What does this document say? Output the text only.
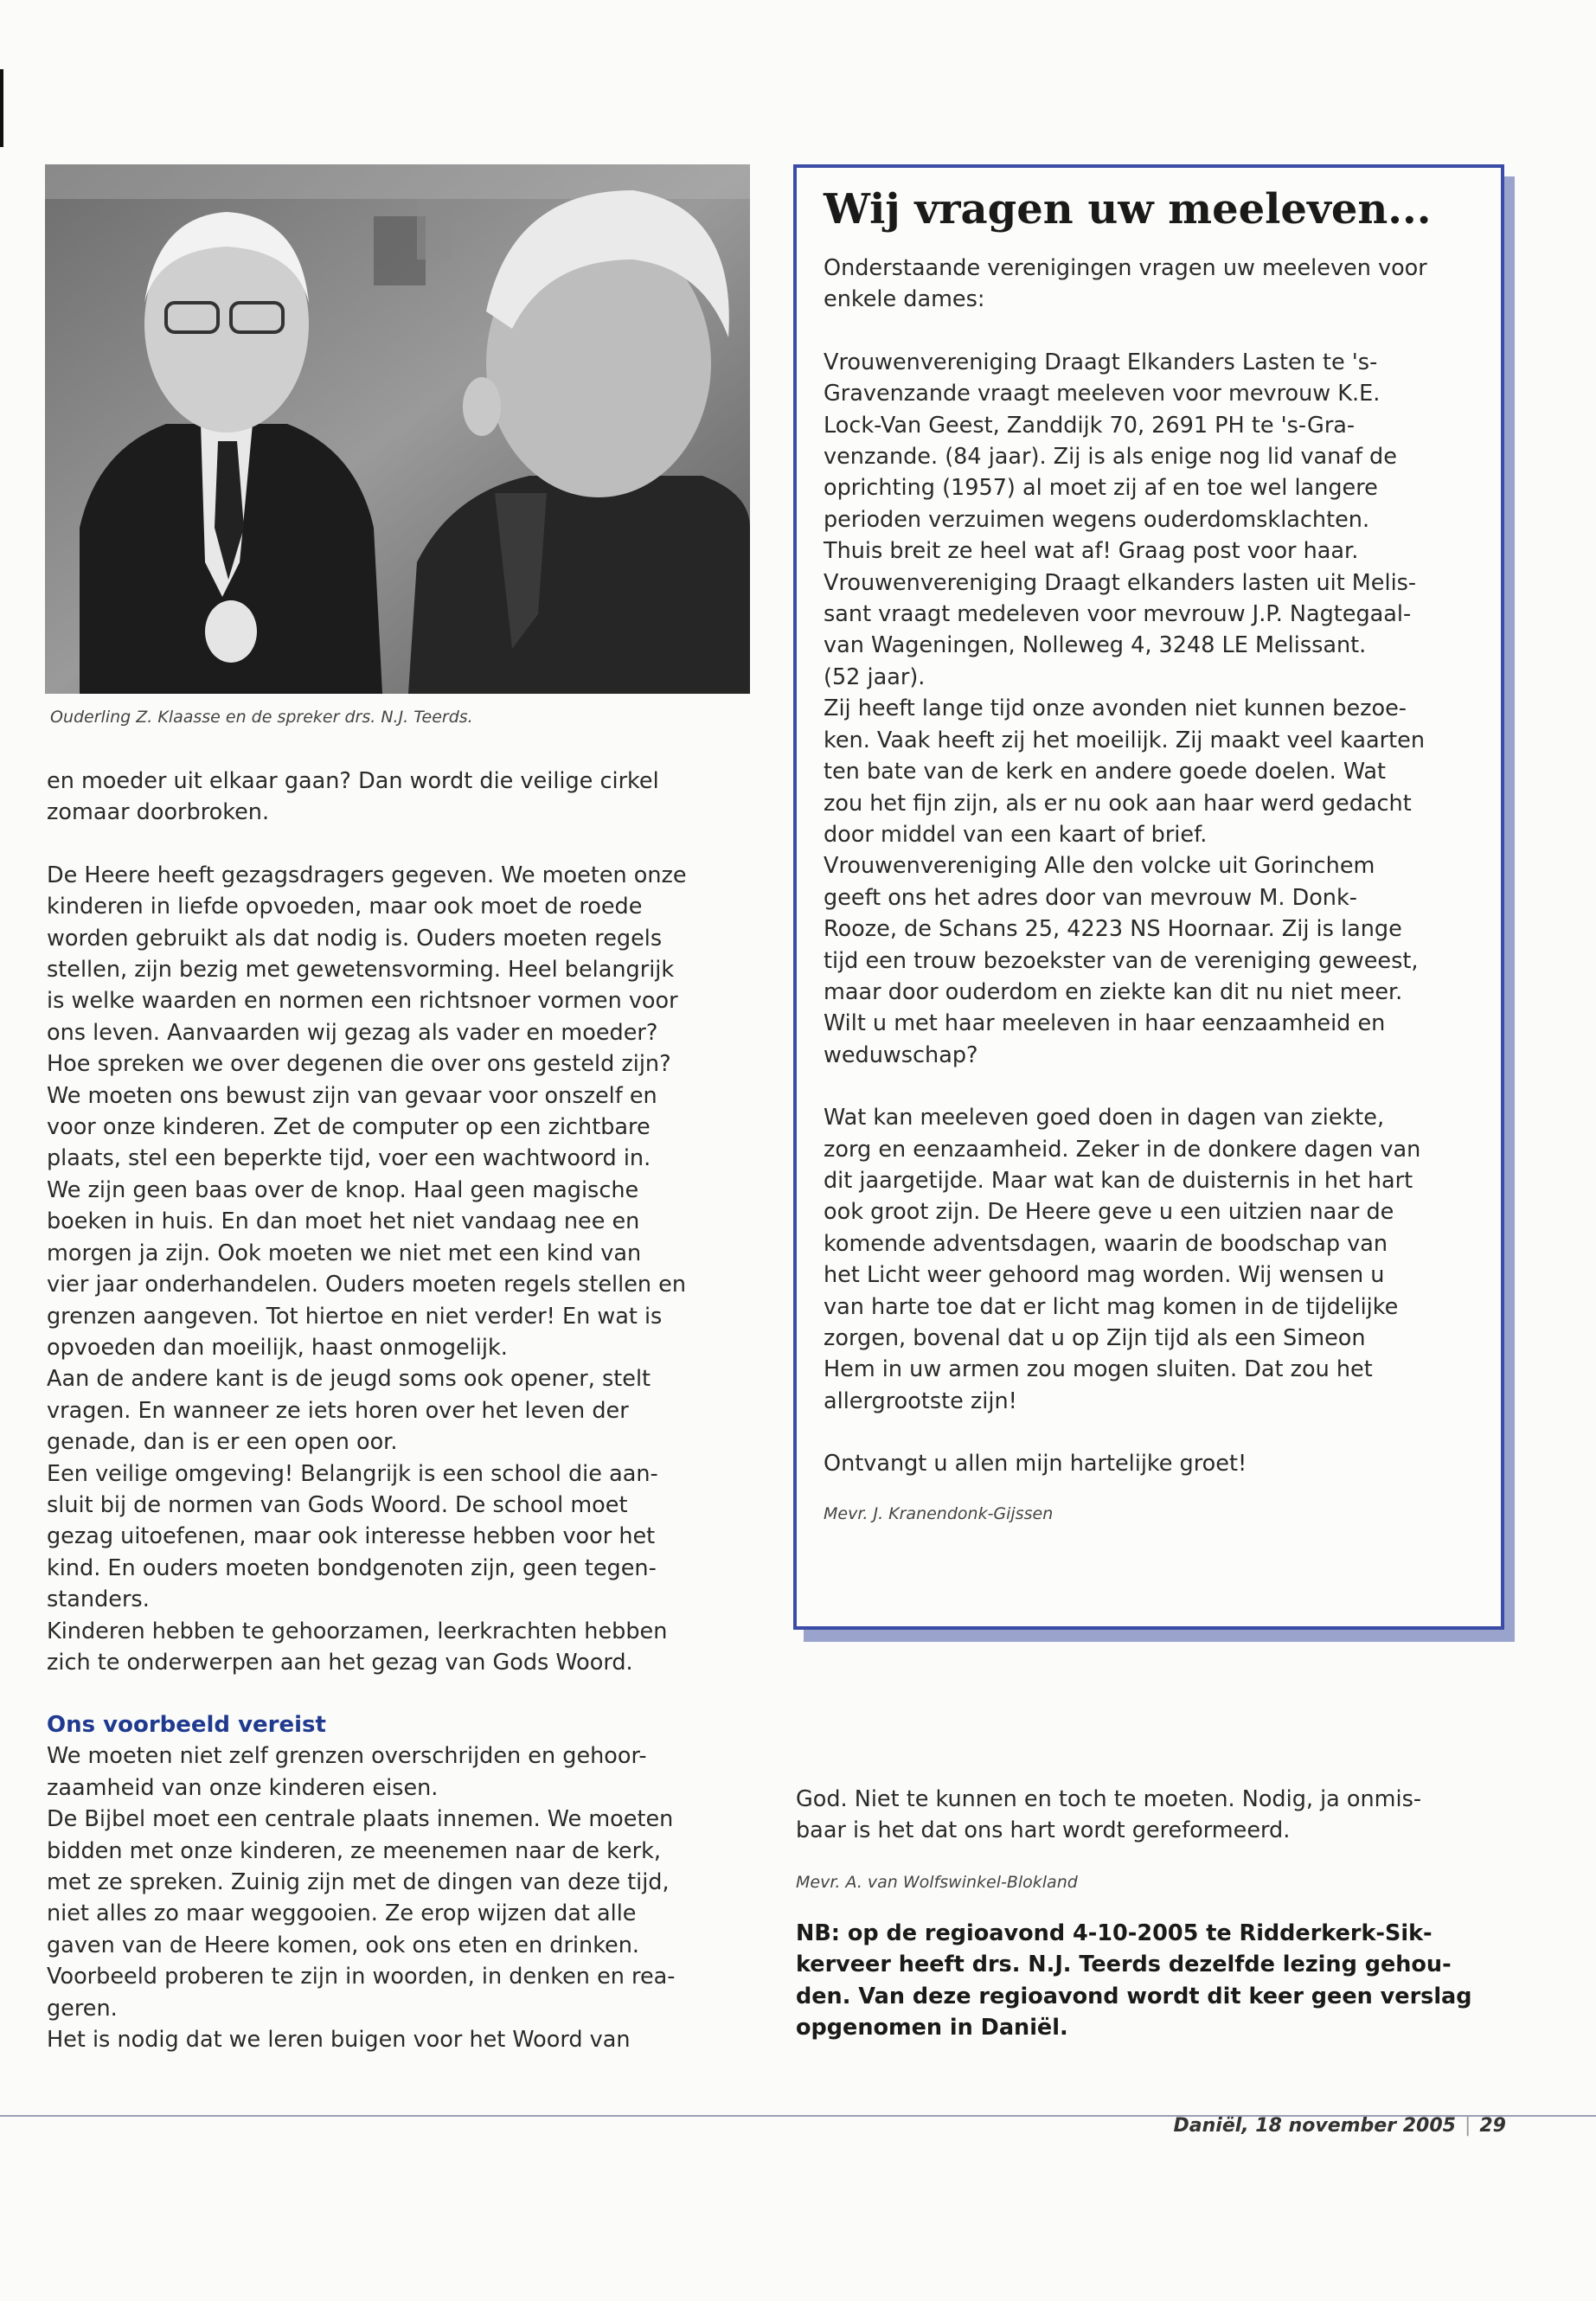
Ouderling Z. Klaasse en de spreker drs. N.J. Teerds.

en moeder uit elkaar gaan? Dan wordt die veilige cirkel
zomaar doorbroken.

De Heere heeft gezagsdragers gegeven. We moeten onze
kinderen in liefde opvoeden, maar ook moet de roede
worden gebruikt als dat nodig is. Ouders moeten regels
stellen, zijn bezig met gewetensvorming. Heel belangrijk
is welke waarden en normen een richtsnoer vormen voor
ons leven. Aanvaarden wij gezag als vader en moeder?
Hoe spreken we over degenen die over ons gesteld zijn?
We moeten ons bewust zijn van gevaar voor onszelf en
voor onze kinderen. Zet de computer op een zichtbare
plaats, stel een beperkte tijd, voer een wachtwoord in.
We zijn geen baas over de knop. Haal geen magische
boeken in huis. En dan moet het niet vandaag nee en
morgen ja zijn. Ook moeten we niet met een kind van
vier jaar onderhandelen. Ouders moeten regels stellen en
grenzen aangeven. Tot hiertoe en niet verder! En wat is
opvoeden dan moeilijk, haast onmogelijk.
Aan de andere kant is de jeugd soms ook opener, stelt
vragen. En wanneer ze iets horen over het leven der
genade, dan is er een open oor.
Een veilige omgeving! Belangrijk is een school die aan-
sluit bij de normen van Gods Woord. De school moet
gezag uitoefenen, maar ook interesse hebben voor het
kind. En ouders moeten bondgenoten zijn, geen tegen-
standers.
Kinderen hebben te gehoorzamen, leerkrachten hebben
zich te onderwerpen aan het gezag van Gods Woord.

Ons voorbeeld vereist

We moeten niet zelf grenzen overschrijden en gehoor-
zaamheid van onze kinderen eisen.
De Bijbel moet een centrale plaats innemen. We moeten
bidden met onze kinderen, ze meenemen naar de kerk,
met ze spreken. Zuinig zijn met de dingen van deze tijd,
niet alles zo maar weggooien. Ze erop wijzen dat alle
gaven van de Heere komen, ook ons eten en drinken.
Voorbeeld proberen te zijn in woorden, in denken en rea-
geren.
Het is nodig dat we leren buigen voor het Woord van

Wij vragen uw meeleven...

Onderstaande verenigingen vragen uw meeleven voor
enkele dames:

Vrouwenvereniging Draagt Elkanders Lasten te 's-
Gravenzande vraagt meeleven voor mevrouw K.E.
Lock-Van Geest, Zanddijk 70, 2691 PH te 's-Gra-
venzande. (84 jaar). Zij is als enige nog lid vanaf de
oprichting (1957) al moet zij af en toe wel langere
perioden verzuimen wegens ouderdomsklachten.
Thuis breit ze heel wat af! Graag post voor haar.
Vrouwenvereniging Draagt elkanders lasten uit Melis-
sant vraagt medeleven voor mevrouw J.P. Nagtegaal-
van Wageningen, Nolleweg 4, 3248 LE Melissant.
(52 jaar).
Zij heeft lange tijd onze avonden niet kunnen bezoe-
ken. Vaak heeft zij het moeilijk. Zij maakt veel kaarten
ten bate van de kerk en andere goede doelen. Wat
zou het fijn zijn, als er nu ook aan haar werd gedacht
door middel van een kaart of brief.
Vrouwenvereniging Alle den volcke uit Gorinchem
geeft ons het adres door van mevrouw M. Donk-
Rooze, de Schans 25, 4223 NS Hoornaar. Zij is lange
tijd een trouw bezoekster van de vereniging geweest,
maar door ouderdom en ziekte kan dit nu niet meer.
Wilt u met haar meeleven in haar eenzaamheid en
weduwschap?

Wat kan meeleven goed doen in dagen van ziekte,
zorg en eenzaamheid. Zeker in de donkere dagen van
dit jaargetijde. Maar wat kan de duisternis in het hart
ook groot zijn. De Heere geve u een uitzien naar de
komende adventsdagen, waarin de boodschap van
het Licht weer gehoord mag worden. Wij wensen u
van harte toe dat er licht mag komen in de tijdelijke
zorgen, bovenal dat u op Zijn tijd als een Simeon
Hem in uw armen zou mogen sluiten. Dat zou het
allergrootste zijn!

Ontvangt u allen mijn hartelijke groet!

Mevr. J. Kranendonk-Gijssen

God. Niet te kunnen en toch te moeten. Nodig, ja onmis-
baar is het dat ons hart wordt gereformeerd.

Mevr. A. van Wolfswinkel-Blokland
NB: op de regioavond 4-10-2005 te Ridderkerk-Sik-
kerveer heeft drs. N.J. Teerds dezelfde lezing gehou-
den. Van deze regioavond wordt dit keer geen verslag
opgenomen in Daniël.
Daniël, 18 november 2005 | 29
